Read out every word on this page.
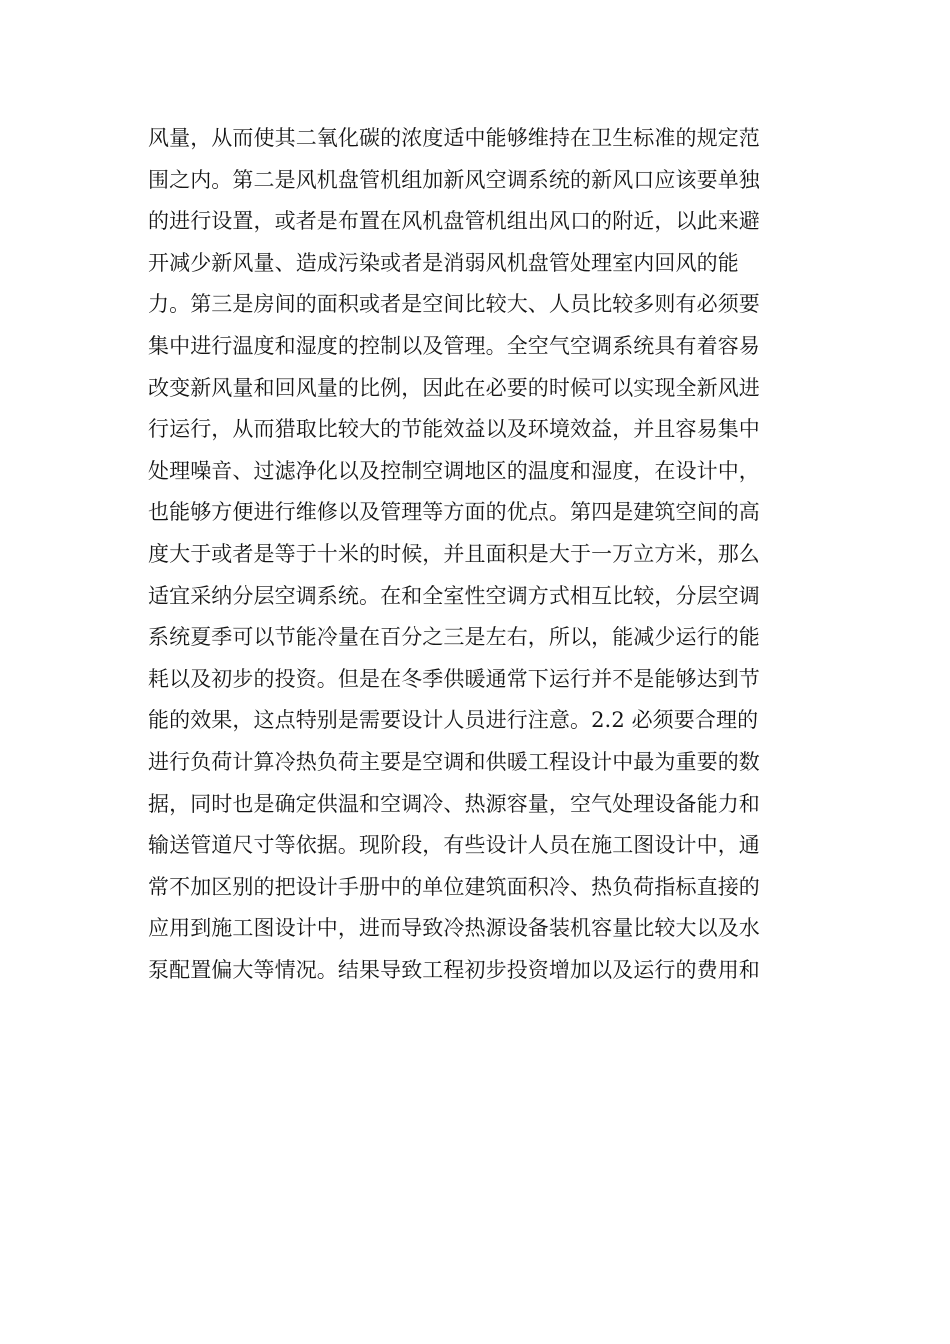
风量，从而使其二氧化碳的浓度适中能够维持在卫生标准的规定范
围之内。第二是风机盘管机组加新风空调系统的新风口应该要单独
的进行设置，或者是布置在风机盘管机组出风口的附近，以此来避
开减少新风量、造成污染或者是消弱风机盘管处理室内回风的能
力。第三是房间的面积或者是空间比较大、人员比较多则有必须要
集中进行温度和湿度的控制以及管理。全空气空调系统具有着容易
改变新风量和回风量的比例，因此在必要的时候可以实现全新风进
行运行，从而猎取比较大的节能效益以及环境效益，并且容易集中
处理噪音、过滤净化以及控制空调地区的温度和湿度，在设计中，
也能够方便进行维修以及管理等方面的优点。第四是建筑空间的高
度大于或者是等于十米的时候，并且面积是大于一万立方米，那么
适宜采纳分层空调系统。在和全室性空调方式相互比较，分层空调
系统夏季可以节能冷量在百分之三是左右，所以，能减少运行的能
耗以及初步的投资。但是在冬季供暖通常下运行并不是能够达到节
能的效果，这点特别是需要设计人员进行注意。2.2 必须要合理的
进行负荷计算冷热负荷主要是空调和供暖工程设计中最为重要的数
据，同时也是确定供温和空调冷、热源容量，空气处理设备能力和
输送管道尺寸等依据。现阶段，有些设计人员在施工图设计中，通
常不加区别的把设计手册中的单位建筑面积冷、热负荷指标直接的
应用到施工图设计中，进而导致冷热源设备装机容量比较大以及水
泵配置偏大等情况。结果导致工程初步投资增加以及运行的费用和
